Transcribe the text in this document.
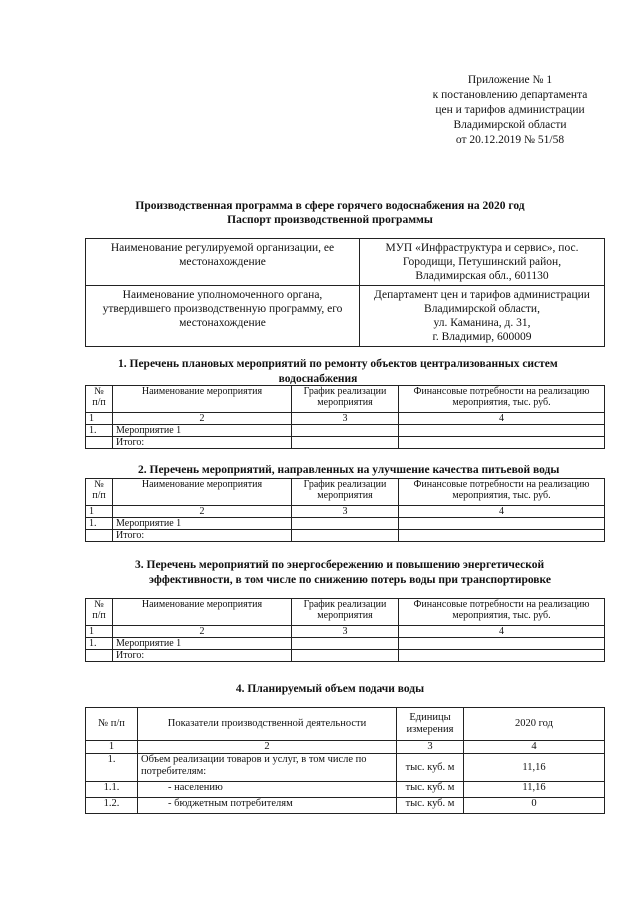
Приложение № 1
к постановлению департамента
цен и тарифов администрации
Владимирской области
от 20.12.2019 № 51/58
Производственная программа в сфере горячего водоснабжения на 2020 год
Паспорт производственной программы
Наименование регулируемой организации, ее местонахождение	МУП «Инфраструктура и сервис», пос.
Городищи, Петушинский район,
Владимирская обл., 601130

Наименование уполномоченного органа, утвердившего производственную программу, его местонахождение	Департамент цен и тарифов администрации
Владимирской области,
ул. Каманина, д. 31,
г. Владимир, 600009
1. Перечень плановых мероприятий по ремонту объектов централизованных систем
водоснабжения
№ п/п	Наименование мероприятия	График реализации мероприятия	Финансовые потребности на реализацию мероприятия, тыс. руб.
1	2	3	4
1.	Мероприятие 1		
	Итого:		
2. Перечень мероприятий, направленных на улучшение качества питьевой воды
№ п/п	Наименование мероприятия	График реализации мероприятия	Финансовые потребности на реализацию мероприятия, тыс. руб.
1	2	3	4
1.	Мероприятие 1		
	Итого:		
3. Перечень мероприятий по энергосбережению и повышению энергетической
эффективности, в том числе по снижению потерь воды при транспортировке
№ п/п	Наименование мероприятия	График реализации мероприятия	Финансовые потребности на реализацию мероприятия, тыс. руб.
1	2	3	4
1.	Мероприятие 1		
	Итого:		
4. Планируемый объем подачи воды
№ п/п	Показатели производственной деятельности	Единицы измерения	2020 год
1	2	3	4
1.	Объем реализации товаров и услуг, в том числе по потребителям:	тыс. куб. м	11,16
1.1.	- населению	тыс. куб. м	11,16
1.2.	- бюджетным потребителям	тыс. куб. м	0
